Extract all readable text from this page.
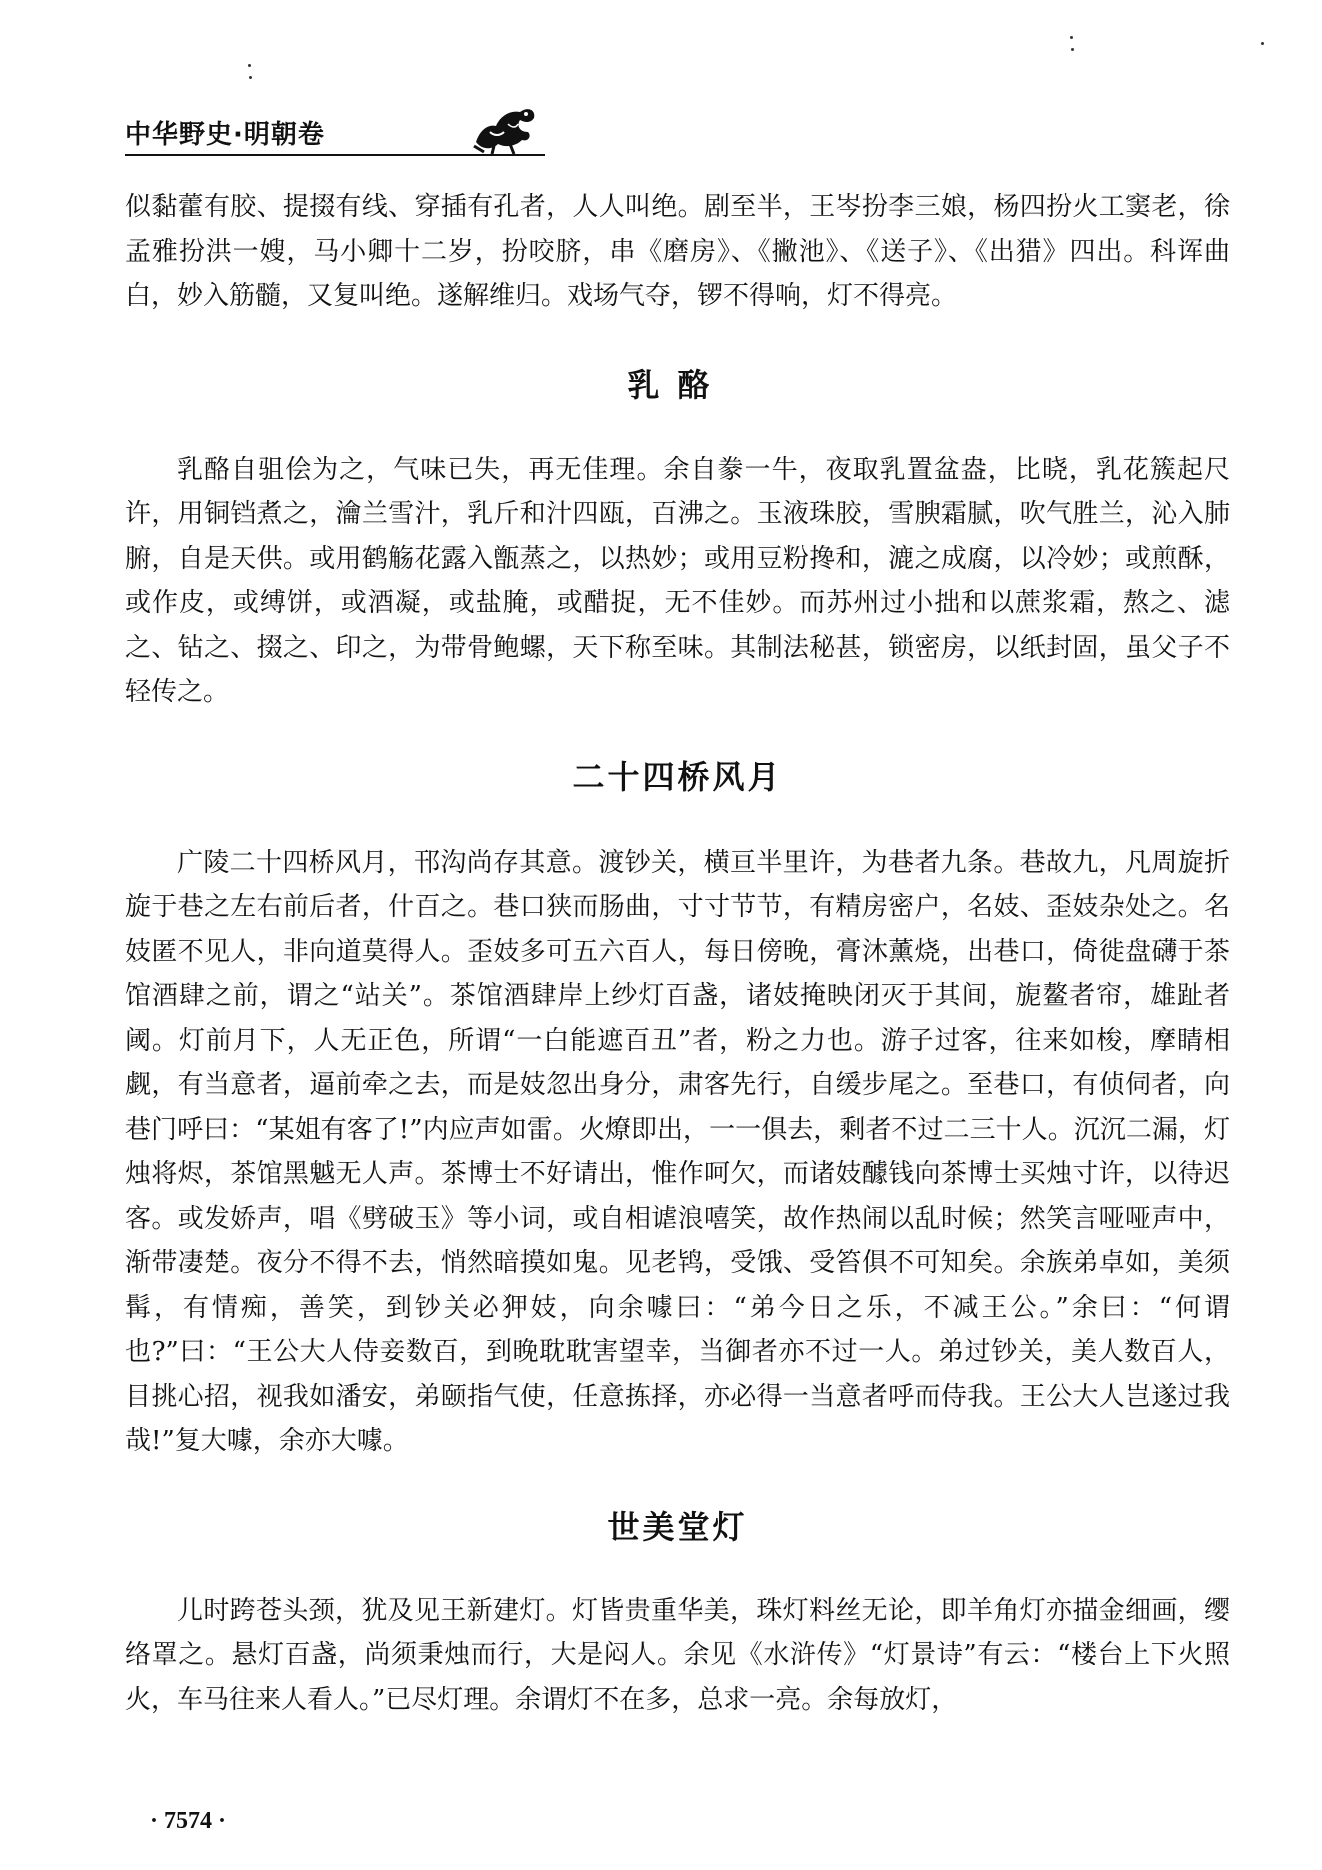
中华野史·明朝卷

似黏藿有胶、提掇有线、穿插有孔者，人人叫绝。剧至半，王岑扮李三娘，杨四扮火工窦老，徐孟雅扮洪一嫂，马小卿十二岁，扮咬脐，串《磨房》、《撇池》、《送子》、《出猎》四出。科诨曲白，妙入筋髓，又复叫绝。遂解维归。戏场气夺，锣不得响，灯不得亮。

乳酪

乳酪自驵侩为之，气味已失，再无佳理。余自豢一牛，夜取乳置盆盎，比晓，乳花簇起尺许，用铜铛煮之，瀹兰雪汁，乳斤和汁四瓯，百沸之。玉液珠胶，雪腴霜腻，吹气胜兰，沁入肺腑，自是天供。或用鹤觞花露入甑蒸之，以热妙；或用豆粉搀和，漉之成腐，以冷妙；或煎酥，或作皮，或缚饼，或酒凝，或盐腌，或醋捉，无不佳妙。而苏州过小拙和以蔗浆霜，熬之、滤之、钻之、掇之、印之，为带骨鲍螺，天下称至味。其制法秘甚，锁密房，以纸封固，虽父子不轻传之。

二十四桥风月

广陵二十四桥风月，邗沟尚存其意。渡钞关，横亘半里许，为巷者九条。巷故九，凡周旋折旋于巷之左右前后者，什百之。巷口狭而肠曲，寸寸节节，有精房密户，名妓、歪妓杂处之。名妓匿不见人，非向道莫得人。歪妓多可五六百人，每日傍晚，膏沐薰烧，出巷口，倚徙盘礴于茶馆酒肆之前，谓之“站关”。茶馆酒肆岸上纱灯百盏，诸妓掩映闭灭于其间，旎鳌者帘，雄趾者阈。灯前月下，人无正色，所谓“一白能遮百丑”者，粉之力也。游子过客，往来如梭，摩睛相觑，有当意者，逼前牵之去，而是妓忽出身分，肃客先行，自缓步尾之。至巷口，有侦伺者，向巷门呼曰：“某姐有客了!”内应声如雷。火燎即出，一一俱去，剩者不过二三十人。沉沉二漏，灯烛将烬，茶馆黑魆无人声。茶博士不好请出，惟作呵欠，而诸妓醵钱向茶博士买烛寸许，以待迟客。或发娇声，唱《劈破玉》等小词，或自相谑浪嘻笑，故作热闹以乱时候；然笑言哑哑声中，渐带凄楚。夜分不得不去，悄然暗摸如鬼。见老鸨，受饿、受笞俱不可知矣。余族弟卓如，美须髯，有情痴，善笑，到钞关必狎妓，向余噱曰：“弟今日之乐，不减王公。”余曰：“何谓也?”曰：“王公大人侍妾数百，到晚耽耽害望幸，当御者亦不过一人。弟过钞关，美人数百人，目挑心招，视我如潘安，弟颐指气使，任意拣择，亦必得一当意者呼而侍我。王公大人岂遂过我哉!”复大噱，余亦大噱。

世美堂灯

儿时跨苍头颈，犹及见王新建灯。灯皆贵重华美，珠灯料丝无论，即羊角灯亦描金细画，缨络罩之。悬灯百盏，尚须秉烛而行，大是闷人。余见《水浒传》“灯景诗”有云：“楼台上下火照火，车马往来人看人。”已尽灯理。余谓灯不在多，总求一亮。余每放灯，

· 7574 ·
